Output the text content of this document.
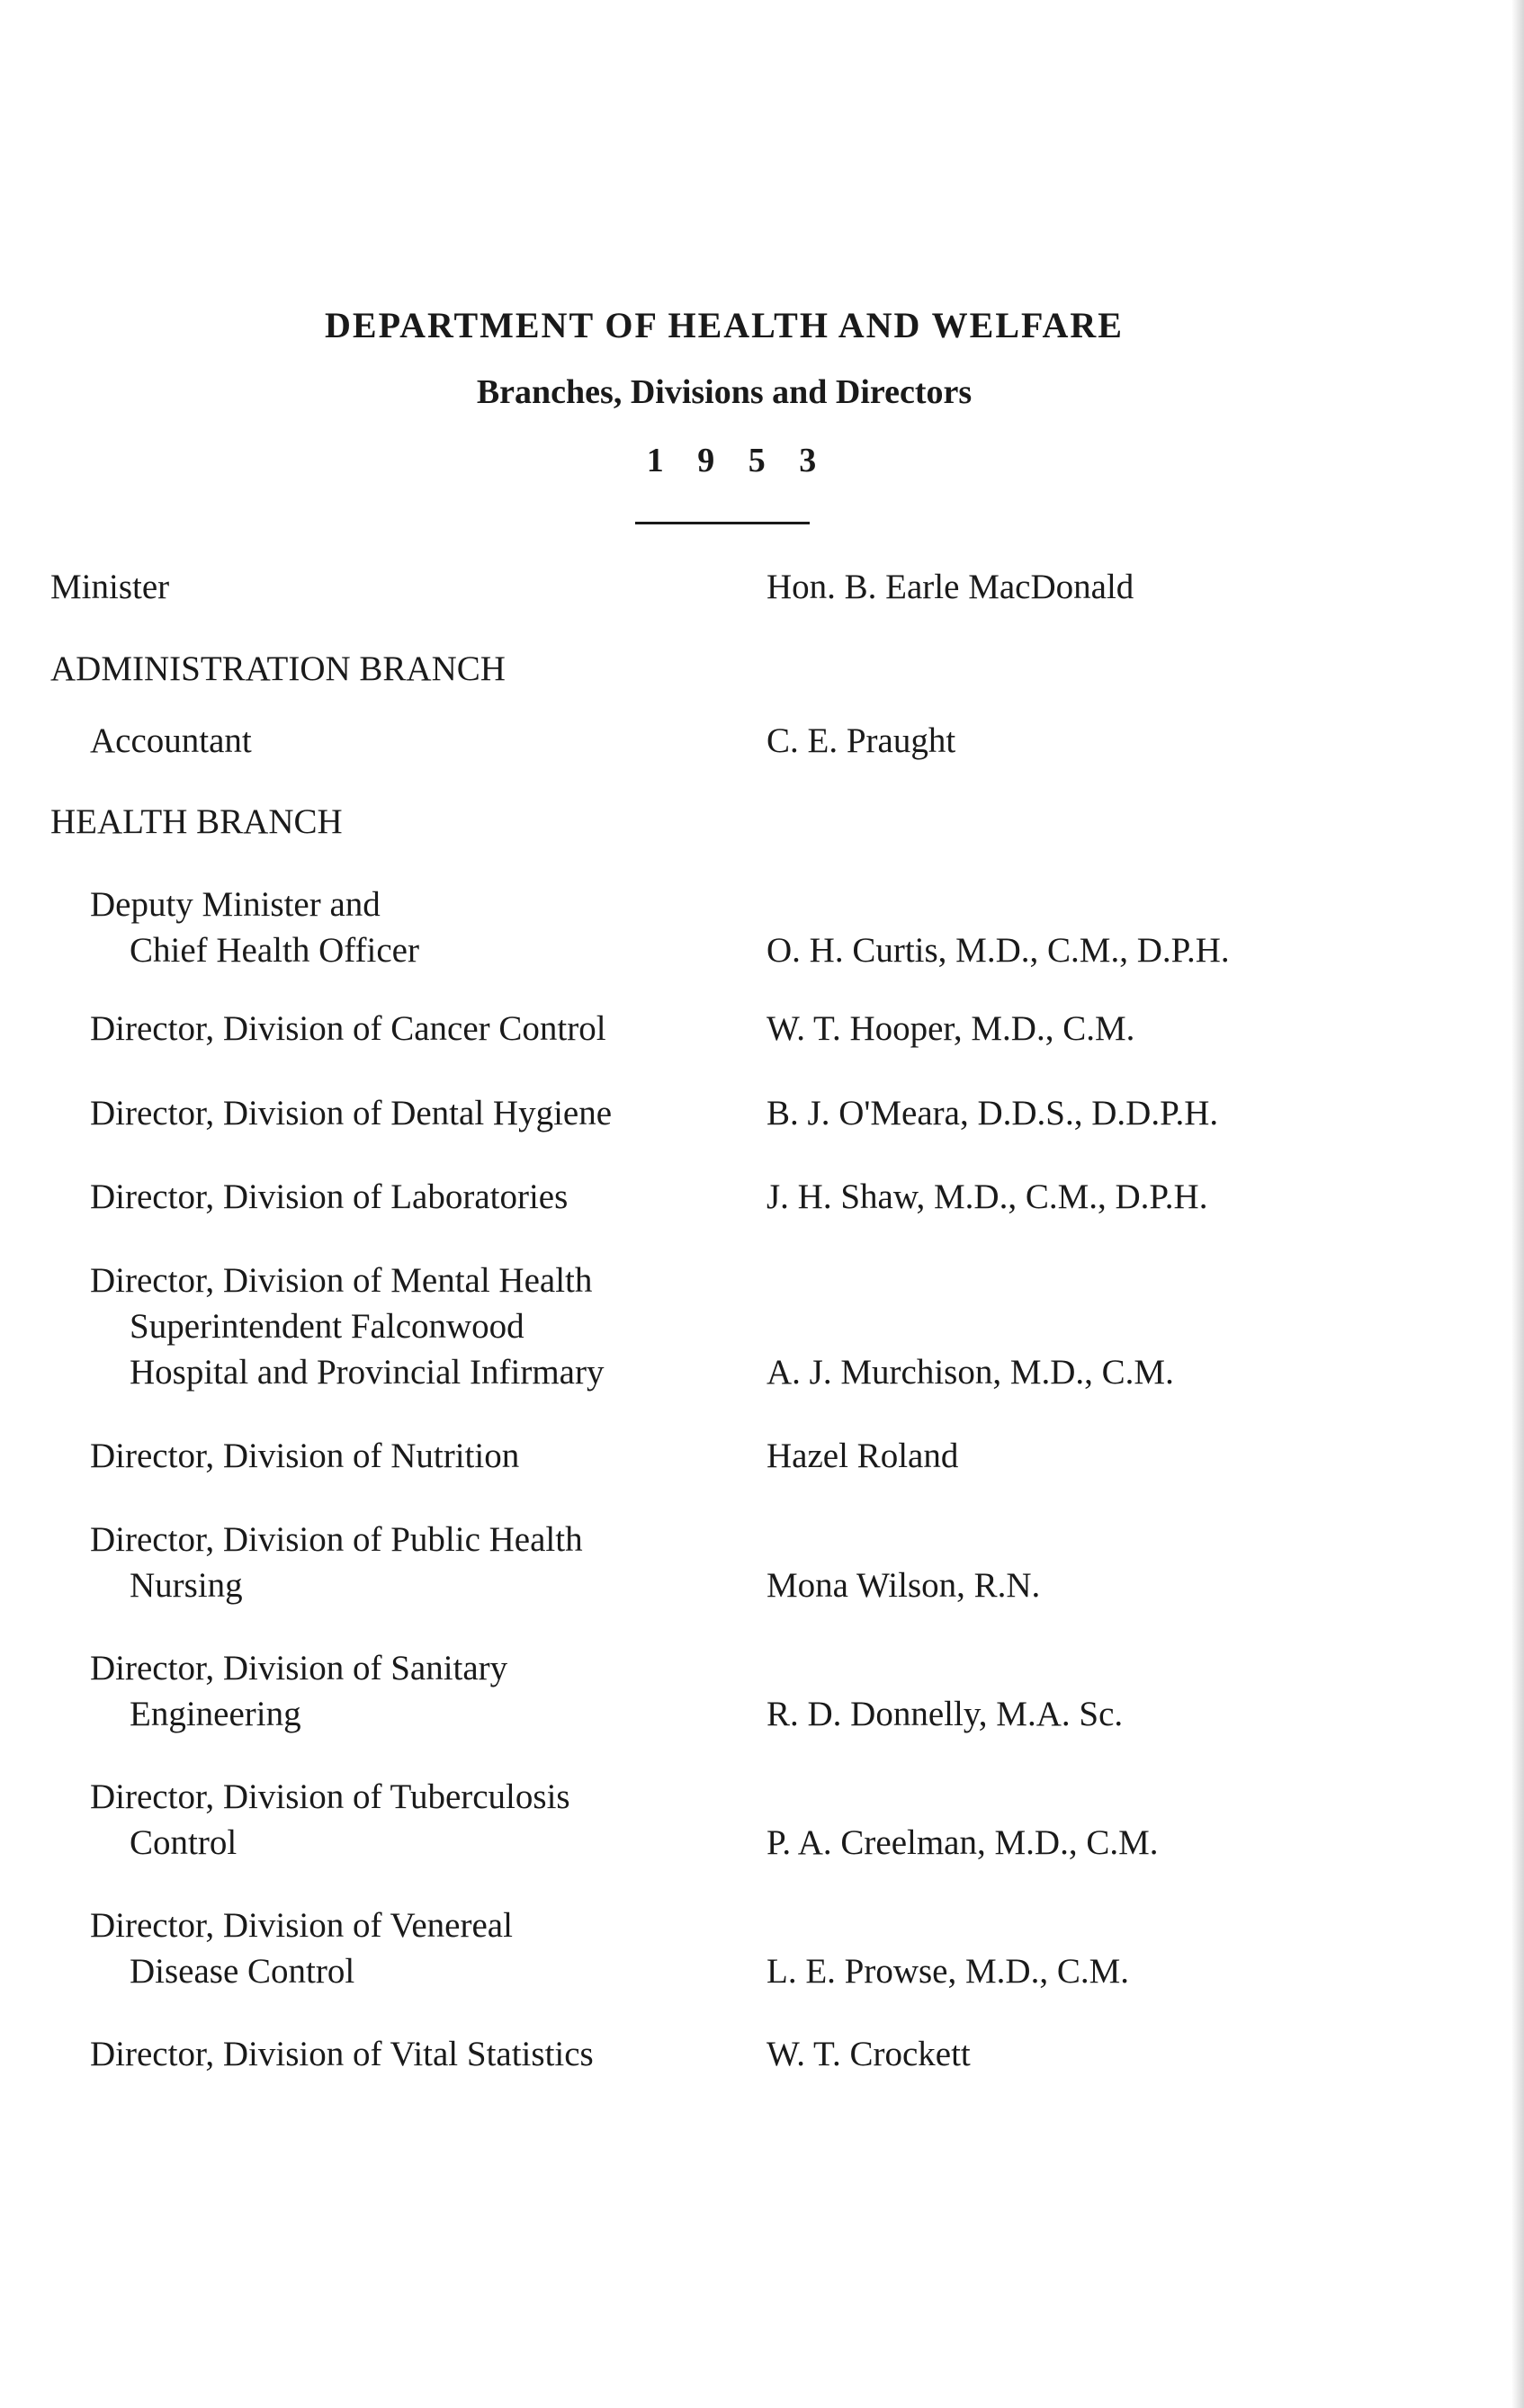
DEPARTMENT OF HEALTH AND WELFARE
Branches, Divisions and Directors
1 9 5 3
Minister	Hon. B. Earle MacDonald
ADMINISTRATION BRANCH
Accountant	C. E. Praught
HEALTH BRANCH
Deputy Minister and
Chief Health Officer	O. H. Curtis, M.D., C.M., D.P.H.
Director, Division of Cancer Control	W. T. Hooper, M.D., C.M.
Director, Division of Dental Hygiene	B. J. O'Meara, D.D.S., D.D.P.H.
Director, Division of Laboratories	J. H. Shaw, M.D., C.M., D.P.H.
Director, Division of Mental Health
Superintendent Falconwood
Hospital and Provincial Infirmary	A. J. Murchison, M.D., C.M.
Director, Division of Nutrition	Hazel Roland
Director, Division of Public Health
Nursing	Mona Wilson, R.N.
Director, Division of Sanitary
Engineering	R. D. Donnelly, M.A. Sc.
Director, Division of Tuberculosis
Control	P. A. Creelman, M.D., C.M.
Director, Division of Venereal
Disease Control	L. E. Prowse, M.D., C.M.
Director, Division of Vital Statistics	W. T. Crockett
